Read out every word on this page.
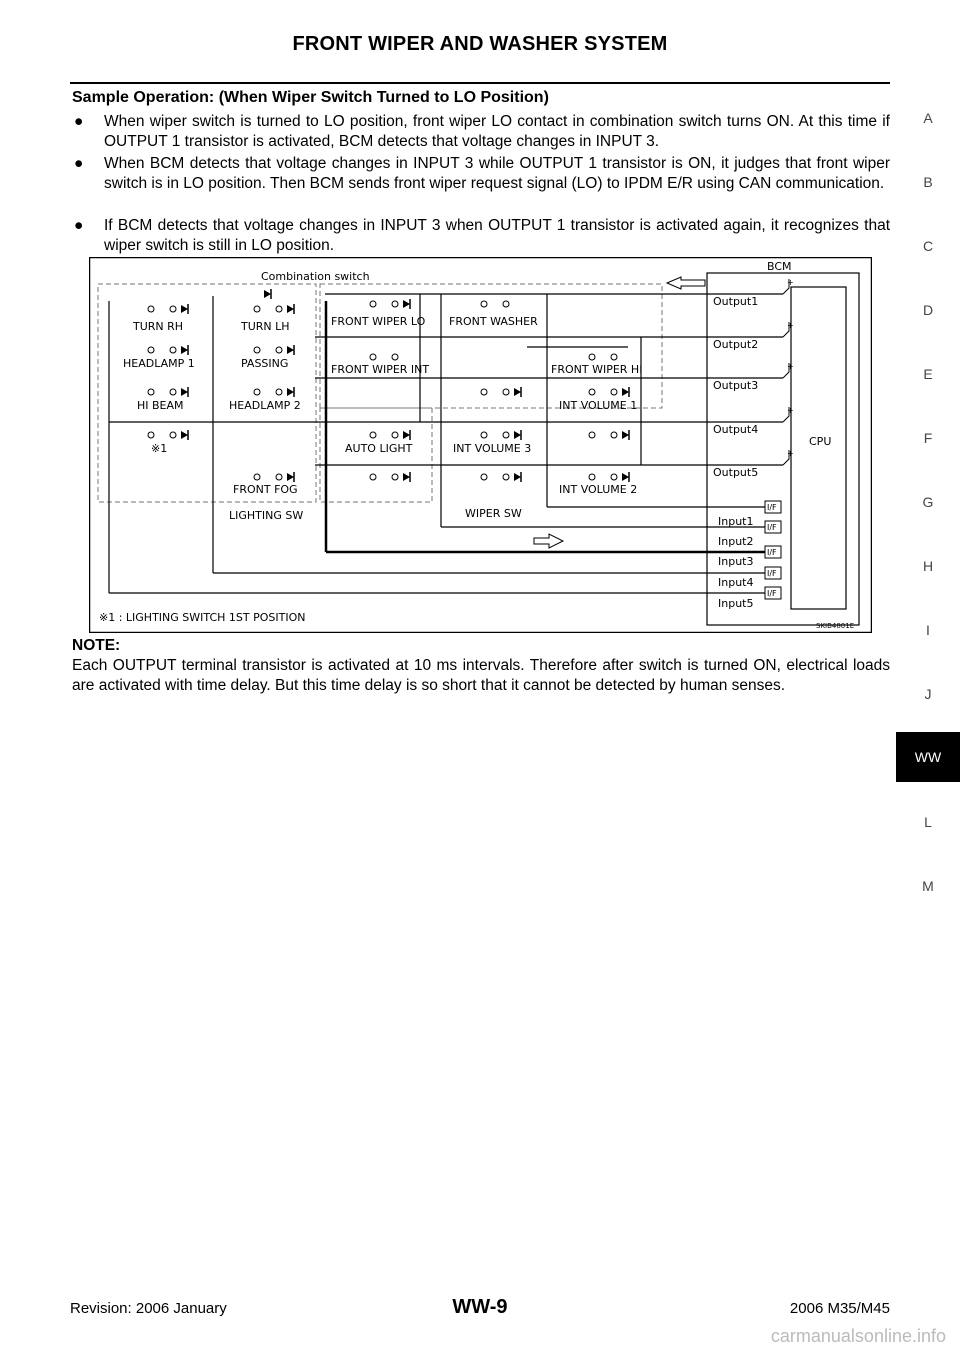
FRONT WIPER AND WASHER SYSTEM
Sample Operation: (When Wiper Switch Turned to LO Position)
● When wiper switch is turned to LO position, front wiper LO contact in combination switch turns ON. At this time if OUTPUT 1 transistor is activated, BCM detects that voltage changes in INPUT 3.
● When BCM detects that voltage changes in INPUT 3 while OUTPUT 1 transistor is ON, it judges that front wiper switch is in LO position. Then BCM sends front wiper request signal (LO) to IPDM E/R using CAN communication.
● If BCM detects that voltage changes in INPUT 3 when OUTPUT 1 transistor is activated again, it recognizes that wiper switch is still in LO position.
Combination switch
BCM
CPU
LIGHTING SW	WIPER SW
Output1
Output2
Output3
Output4
Output5
Input1
Input2
Input3
Input4
Input5
TURN RH	TURN LH
HEADLAMP 1	PASSING
HI BEAM	HEADLAMP 2
※1
FRONT FOG
FRONT WIPER LO FRONT WASHER
FRONT WIPER INT	FRONT WIPER HI
INT VOLUME 1
AUTO LIGHT	INT VOLUME 3
INT VOLUME 2
※1 : LIGHTING SWITCH 1ST POSITION
I/F
I/F
I/F
I/F
I/F
+
+
+
+
+
SKIB4801E
NOTE:
Each OUTPUT terminal transistor is activated at 10 ms intervals. Therefore after switch is turned ON, electrical loads are activated with time delay. But this time delay is so short that it cannot be detected by human senses.
A
B
C
D
E
F
G
H
I
J
WW
L
M
Revision: 2006 January	WW-9	2006 M35/M45
carmanualsonline.info
